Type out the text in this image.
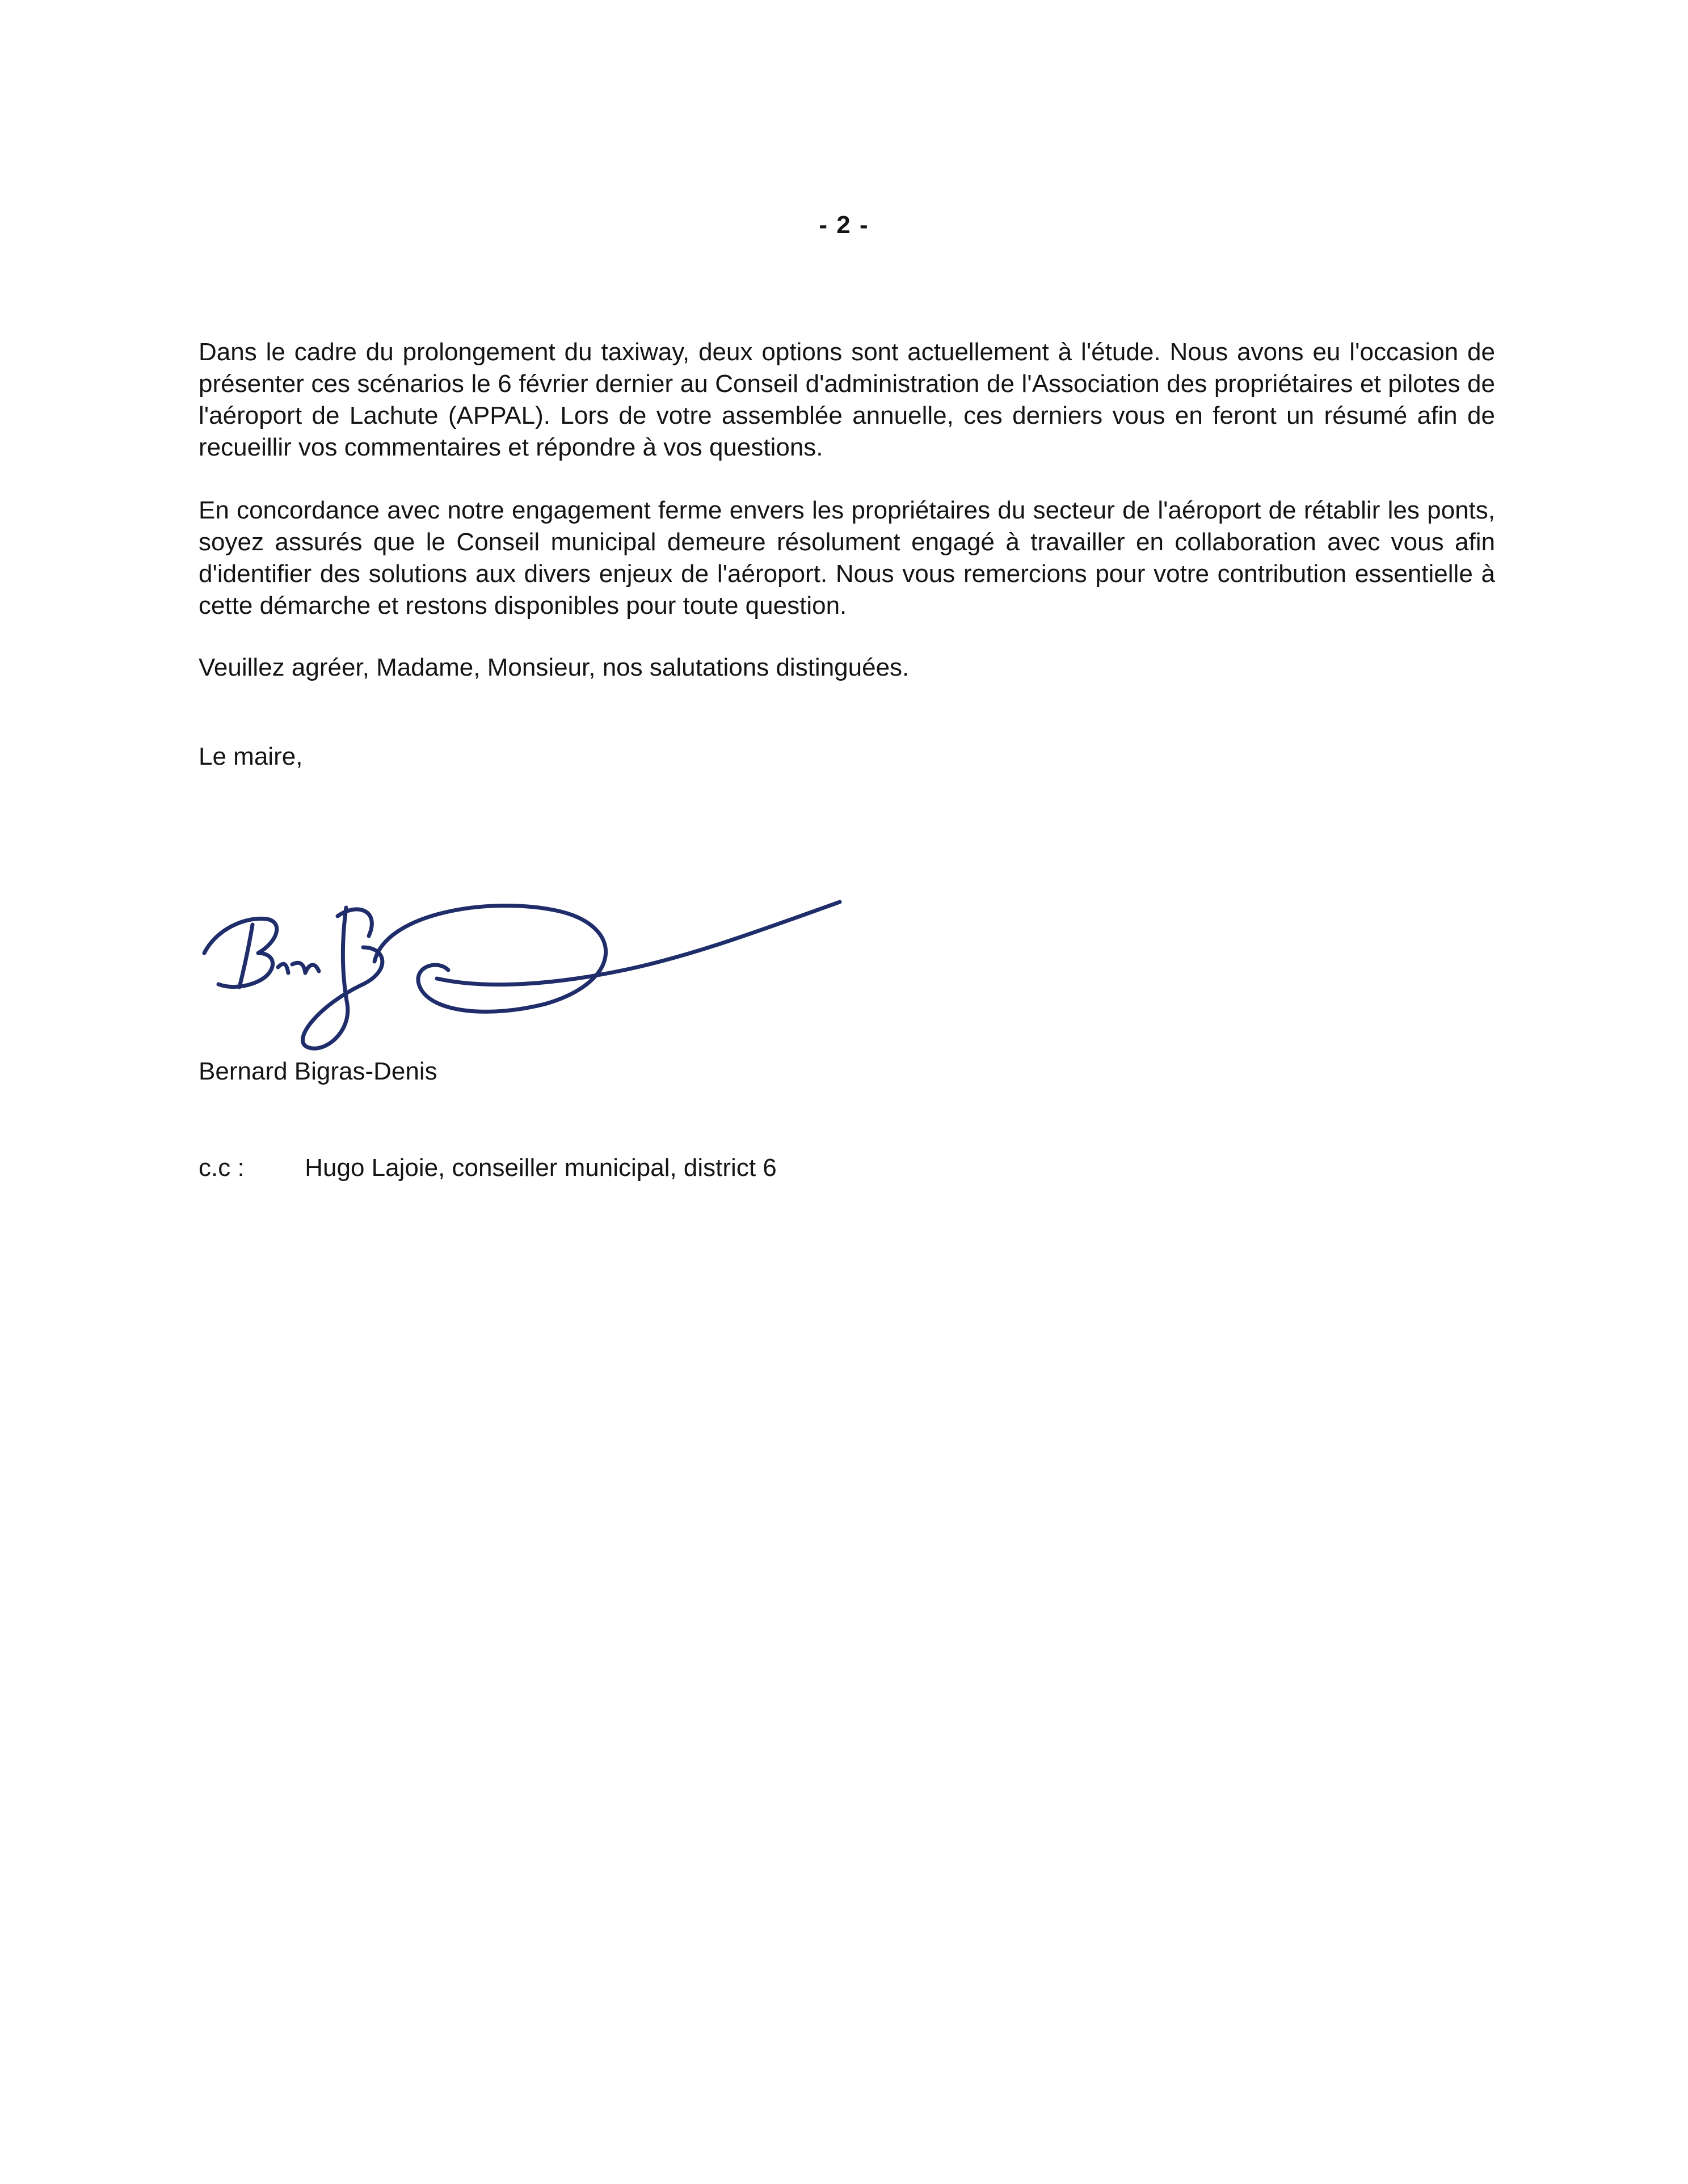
- 2 -

Dans le cadre du prolongement du taxiway, deux options sont actuellement à l'étude. Nous avons eu l'occasion de présenter ces scénarios le 6 février dernier au Conseil d'administration de l'Association des propriétaires et pilotes de l'aéroport de Lachute (APPAL). Lors de votre assemblée annuelle, ces derniers vous en feront un résumé afin de recueillir vos commentaires et répondre à vos questions.

En concordance avec notre engagement ferme envers les propriétaires du secteur de l'aéroport de rétablir les ponts, soyez assurés que le Conseil municipal demeure résolument engagé à travailler en collaboration avec vous afin d'identifier des solutions aux divers enjeux de l'aéroport. Nous vous remercions pour votre contribution essentielle à cette démarche et restons disponibles pour toute question.

Veuillez agréer, Madame, Monsieur, nos salutations distinguées.

Le maire,

Bernard Bigras-Denis
c.c : Hugo Lajoie, conseiller municipal, district 6
